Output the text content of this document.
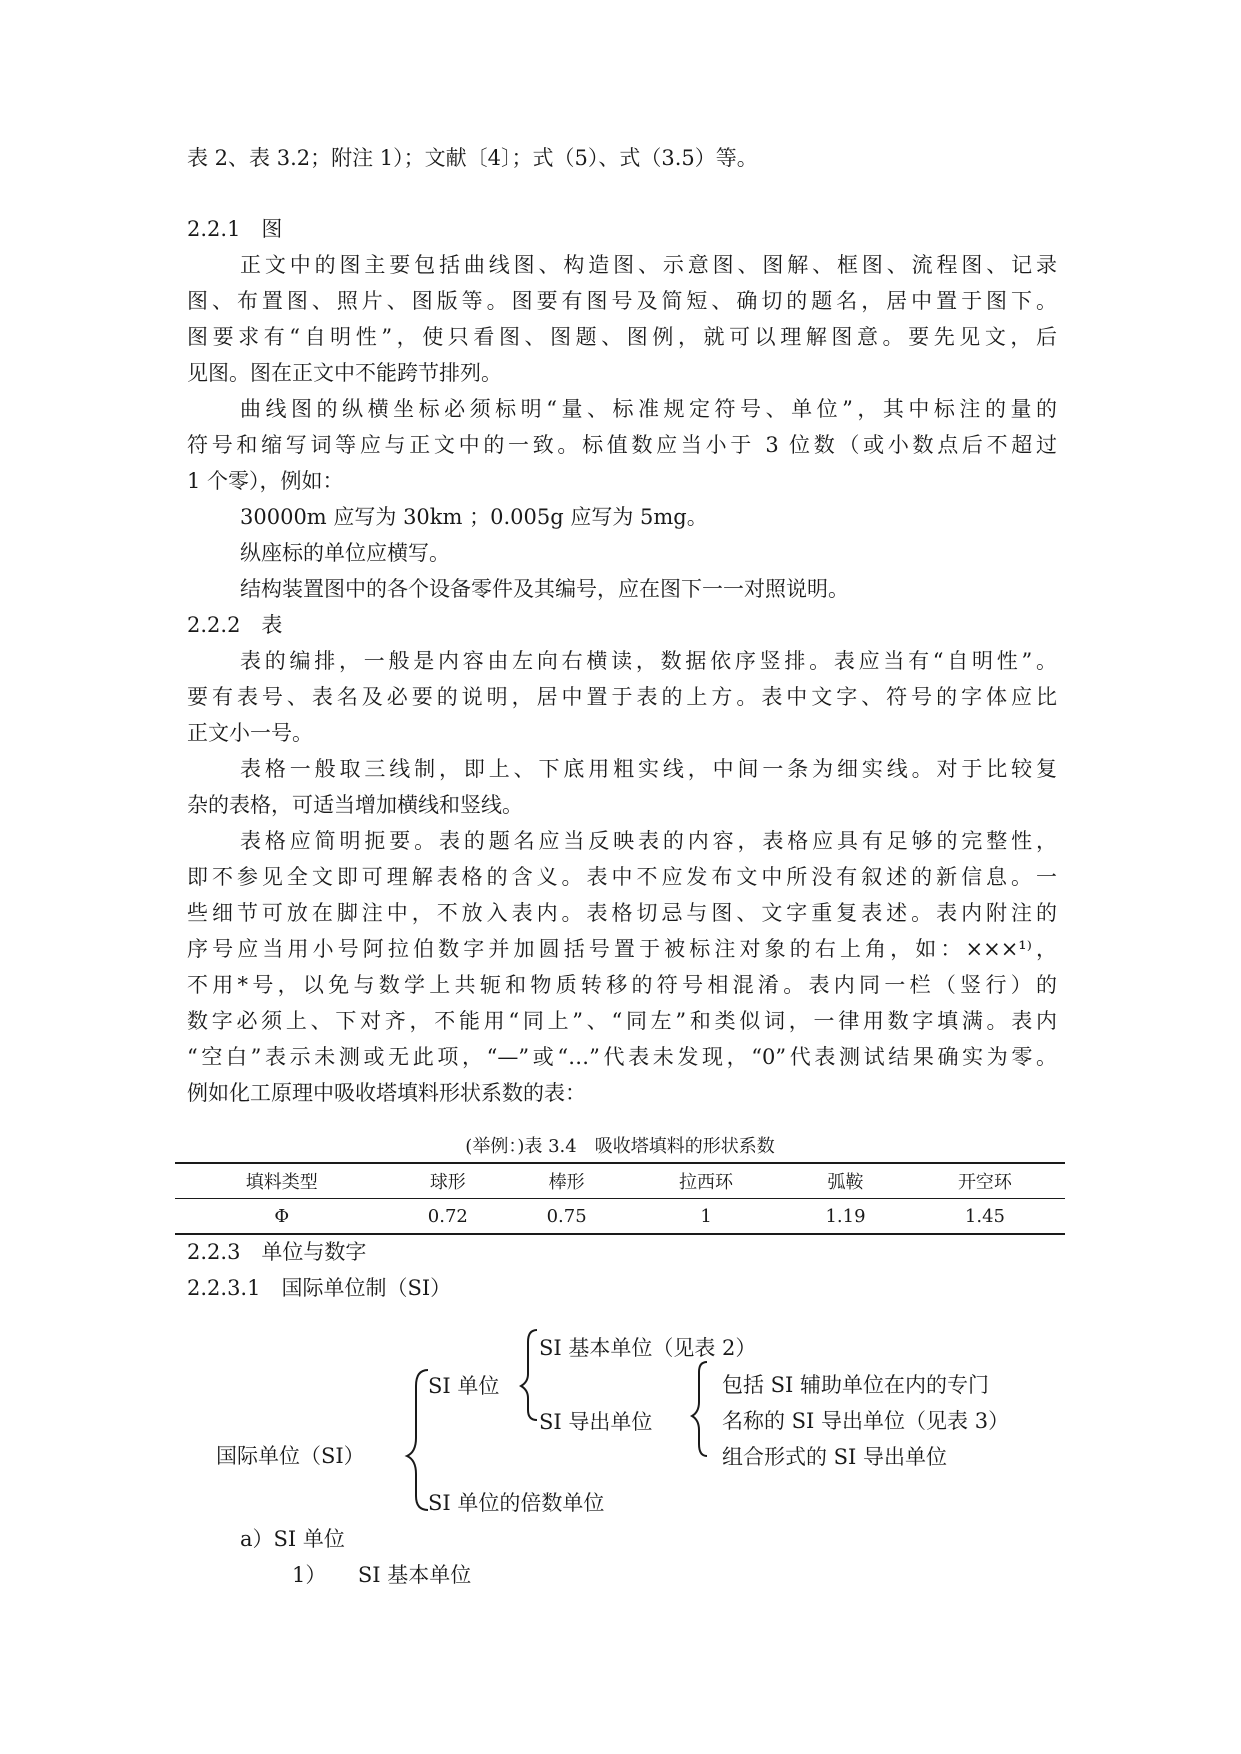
表 2、表 3.2；附注 1）；文献〔4〕；式（5）、式（3.5）等。
2.2.1　图
正文中的图主要包括曲线图、构造图、示意图、图解、框图、流程图、记录
图、布置图、照片、图版等。图要有图号及简短、确切的题名，居中置于图下。
图要求有“自明性”，使只看图、图题、图例，就可以理解图意。要先见文，后
见图。图在正文中不能跨节排列。
曲线图的纵横坐标必须标明“量、标准规定符号、单位”，其中标注的量的
符号和缩写词等应与正文中的一致。标值数应当小于 3 位数（或小数点后不超过
1 个零），例如：
30000m 应写为 30km ；0.005g 应写为 5mg。
纵座标的单位应横写。
结构装置图中的各个设备零件及其编号，应在图下一一对照说明。
2.2.2　表
表的编排，一般是内容由左向右横读，数据依序竖排。表应当有“自明性”。
要有表号、表名及必要的说明，居中置于表的上方。表中文字、符号的字体应比
正文小一号。
表格一般取三线制，即上、下底用粗实线，中间一条为细实线。对于比较复
杂的表格，可适当增加横线和竖线。
表格应简明扼要。表的题名应当反映表的内容，表格应具有足够的完整性，
即不参见全文即可理解表格的含义。表中不应发布文中所没有叙述的新信息。一
些细节可放在脚注中，不放入表内。表格切忌与图、文字重复表述。表内附注的
序号应当用小号阿拉伯数字并加圆括号置于被标注对象的右上角，如：×××¹⁾，
不用*号，以免与数学上共轭和物质转移的符号相混淆。表内同一栏（竖行）的
数字必须上、下对齐，不能用“同上”、“同左”和类似词，一律用数字填满。表内
“空白”表示未测或无此项，“—”或“…”代表未发现，“0”代表测试结果确实为零。
例如化工原理中吸收塔填料形状系数的表：
(举例：)表 3.4　吸收塔填料的形状系数
填料类型	球形	棒形	拉西环	弧鞍	开空环
Φ	0.72	0.75	1	1.19	1.45
2.2.3　单位与数字
2.2.3.1　国际单位制（SI）
国际单位（SI）
SI 单位
SI 单位的倍数单位
SI 基本单位（见表 2）
SI 导出单位
包括 SI 辅助单位在内的专门
名称的 SI 导出单位（见表 3）
组合形式的 SI 导出单位
a）SI 单位
1）　　SI 基本单位
